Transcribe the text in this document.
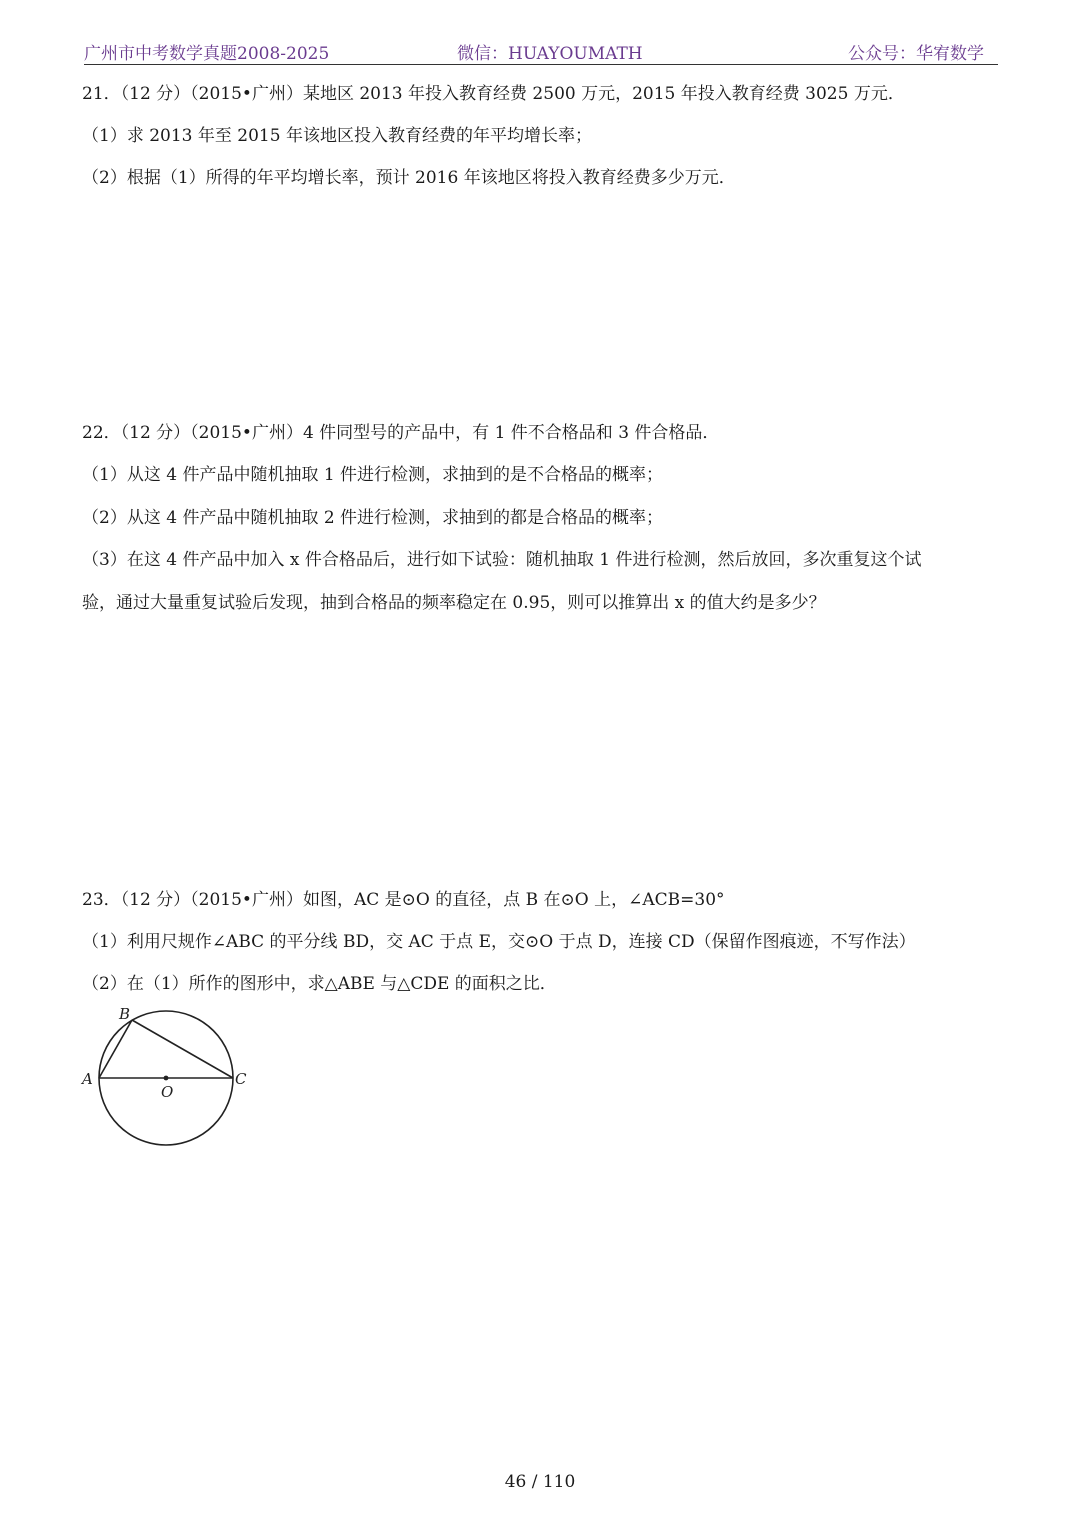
广州市中考数学真题2008-2025	微信：HUAYOUMATH	公众号：华宥数学
21．（12 分）（2015•广州）某地区 2013 年投入教育经费 2500 万元，2015 年投入教育经费 3025 万元．
（1）求 2013 年至 2015 年该地区投入教育经费的年平均增长率；
（2）根据（1）所得的年平均增长率，预计 2016 年该地区将投入教育经费多少万元．
22．（12 分）（2015•广州）4 件同型号的产品中，有 1 件不合格品和 3 件合格品．
（1）从这 4 件产品中随机抽取 1 件进行检测，求抽到的是不合格品的概率；
（2）从这 4 件产品中随机抽取 2 件进行检测，求抽到的都是合格品的概率；
（3）在这 4 件产品中加入 x 件合格品后，进行如下试验：随机抽取 1 件进行检测，然后放回，多次重复这个试
验，通过大量重复试验后发现，抽到合格品的频率稳定在 0.95，则可以推算出 x 的值大约是多少？
23．（12 分）（2015•广州）如图，AC 是⊙O 的直径，点 B 在⊙O 上，∠ACB=30°
（1）利用尺规作∠ABC 的平分线 BD，交 AC 于点 E，交⊙O 于点 D，连接 CD（保留作图痕迹，不写作法）
（2）在（1）所作的图形中，求△ABE 与△CDE 的面积之比．
A
B
C
O
46 / 110
